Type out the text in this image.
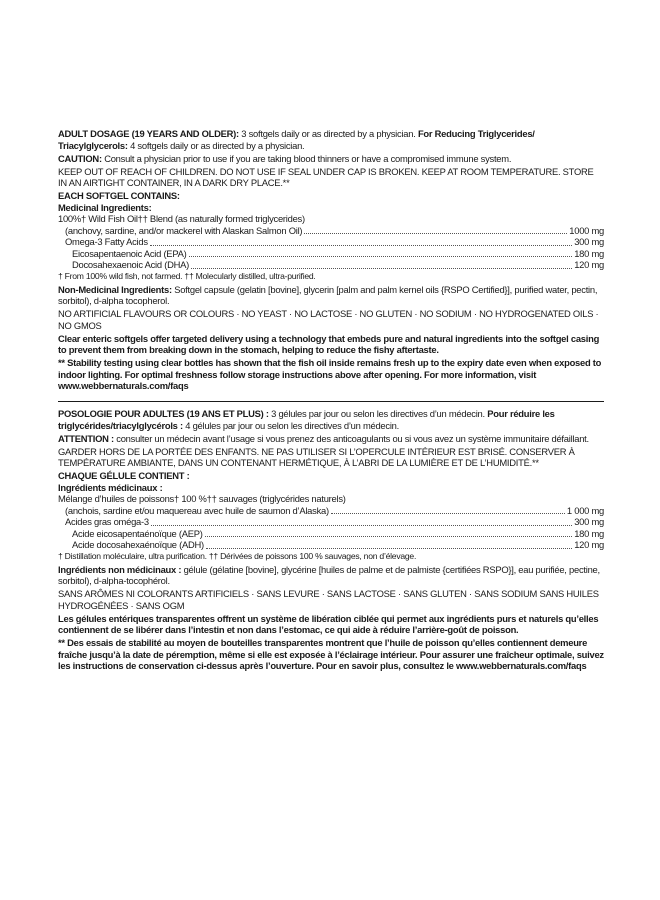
ADULT DOSAGE (19 YEARS AND OLDER): 3 softgels daily or as directed by a physician. For Reducing Triglycerides/ Triacylglycerols: 4 softgels daily or as directed by a physician.

CAUTION: Consult a physician prior to use if you are taking blood thinners or have a compromised immune system.

KEEP OUT OF REACH OF CHILDREN. DO NOT USE IF SEAL UNDER CAP IS BROKEN. KEEP AT ROOM TEMPERATURE. STORE IN AN AIRTIGHT CONTAINER, IN A DARK DRY PLACE.**

EACH SOFTGEL CONTAINS:

Medicinal Ingredients:

100%† Wild Fish Oil†† Blend (as naturally formed triglycerides)

(anchovy, sardine, and/or mackerel with Alaskan Salmon Oil)	1000 mg
Omega-3 Fatty Acids	300 mg
Eicosapentaenoic Acid (EPA)	180 mg
Docosahexaenoic Acid (DHA)	120 mg

† From 100% wild fish, not farmed. †† Molecularly distilled, ultra-purified.

Non-Medicinal Ingredients: Softgel capsule (gelatin [bovine], glycerin [palm and palm kernel oils {RSPO Certified}], purified water, pectin, sorbitol), d-alpha tocopherol.

NO ARTIFICIAL FLAVOURS OR COLOURS · NO YEAST · NO LACTOSE · NO GLUTEN · NO SODIUM · NO HYDROGENATED OILS · NO GMOS

Clear enteric softgels offer targeted delivery using a technology that embeds pure and natural ingredients into the softgel casing to prevent them from breaking down in the stomach, helping to reduce the fishy aftertaste.

** Stability testing using clear bottles has shown that the fish oil inside remains fresh up to the expiry date even when exposed to indoor lighting. For optimal freshness follow storage instructions above after opening. For more information, visit www.webbernaturals.com/faqs

POSOLOGIE POUR ADULTES (19 ANS ET PLUS) : 3 gélules par jour ou selon les directives d’un médecin. Pour réduire les triglycérides/triacylglycérols : 4 gélules par jour ou selon les directives d’un médecin.

ATTENTION : consulter un médecin avant l’usage si vous prenez des anticoagulants ou si vous avez un système immunitaire défaillant.

GARDER HORS DE LA PORTÉE DES ENFANTS. NE PAS UTILISER SI L’OPERCULE INTÉRIEUR EST BRISÉ. CONSERVER À TEMPÉRATURE AMBIANTE, DANS UN CONTENANT HERMÉTIQUE, À L’ABRI DE LA LUMIÈRE ET DE L’HUMIDITÉ.**

CHAQUE GÉLULE CONTIENT :

Ingrédients médicinaux :

Mélange d’huiles de poissons† 100 %†† sauvages (triglycérides naturels)

(anchois, sardine et/ou maquereau avec huile de saumon d’Alaska)	1 000 mg
Acides gras oméga-3	300 mg
Acide eicosapentaénoïque (AEP)	180 mg
Acide docosahexaénoïque (ADH)	120 mg

† Distillation moléculaire, ultra purification. †† Dérivées de poissons 100 % sauvages, non d’élevage.

Ingrédients non médicinaux : gélule (gélatine [bovine], glycérine [huiles de palme et de palmiste {certifiées RSPO}], eau purifiée, pectine, sorbitol), d-alpha-tocophérol.

SANS ARÔMES NI COLORANTS ARTIFICIELS · SANS LEVURE · SANS LACTOSE · SANS GLUTEN · SANS SODIUM SANS HUILES HYDROGÉNÉES · SANS OGM

Les gélules entériques transparentes offrent un système de libération ciblée qui permet aux ingrédients purs et naturels qu’elles contiennent de se libérer dans l’intestin et non dans l’estomac, ce qui aide à réduire l’arrière-goût de poisson.

** Des essais de stabilité au moyen de bouteilles transparentes montrent que l’huile de poisson qu’elles contiennent demeure fraîche jusqu’à la date de péremption, même si elle est exposée à l’éclairage intérieur. Pour assurer une fraîcheur optimale, suivez les instructions de conservation ci-dessus après l’ouverture. Pour en savoir plus, consultez le www.webbernaturals.com/faqs
